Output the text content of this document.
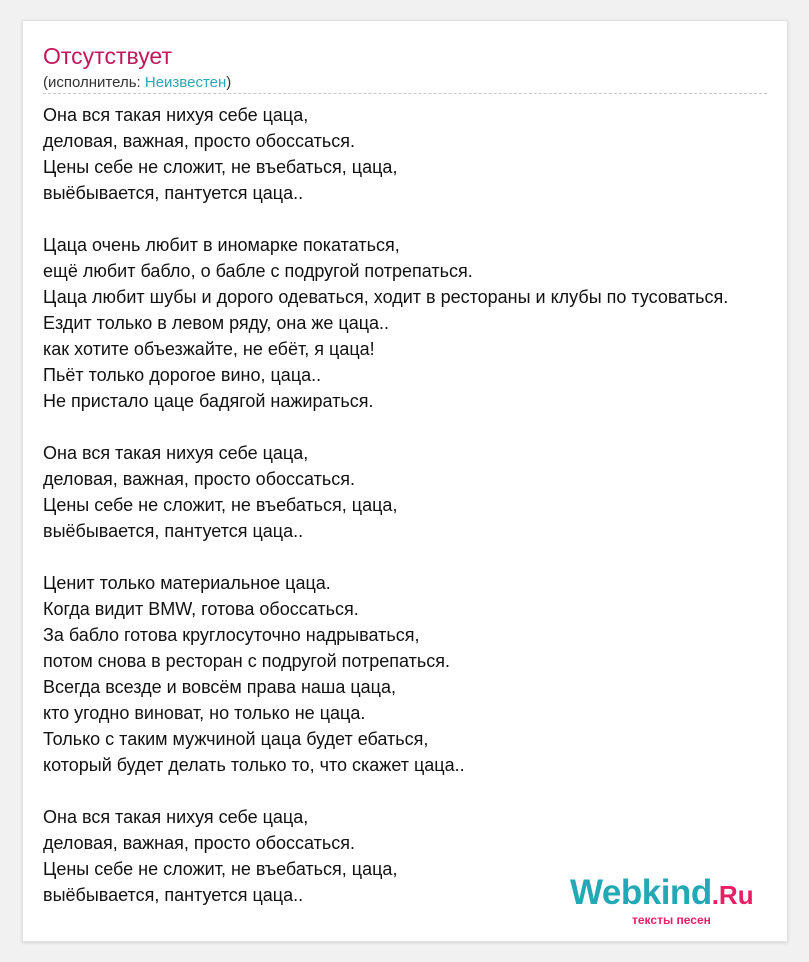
Отсутствует
(исполнитель: Неизвестен)
Она вся такая нихуя себе цаца,
деловая, важная, просто обоссаться.
Цены себе не сложит, не въебаться, цаца,
выёбывается, пантуется цаца..
Цаца очень любит в иномарке покататься,
ещё любит бабло, о бабле с подругой потрепаться.
Цаца любит шубы и дорого одеваться, ходит в рестораны и клубы по тусоваться.
Ездит только в левом ряду, она же цаца..
как хотите объезжайте, не ебёт, я цаца!
Пьёт только дорогое вино, цаца..
Не пристало цаце бадягой нажираться.
Она вся такая нихуя себе цаца,
деловая, важная, просто обоссаться.
Цены себе не сложит, не въебаться, цаца,
выёбывается, пантуется цаца..
Ценит только материальное цаца.
Когда видит BMW, готова обоссаться.
За бабло готова круглосуточно надрываться,
потом снова в ресторан с подругой потрепаться.
Всегда всезде и вовсём права наша цаца,
кто угодно виноват, но только не цаца.
Только с таким мужчиной цаца будет ебаться,
который будет делать только то, что скажет цаца..
Она вся такая нихуя себе цаца,
деловая, важная, просто обоссаться.
Цены себе не сложит, не въебаться, цаца,
выёбывается, пантуется цаца..	Webkind.Ru
тексты песен
